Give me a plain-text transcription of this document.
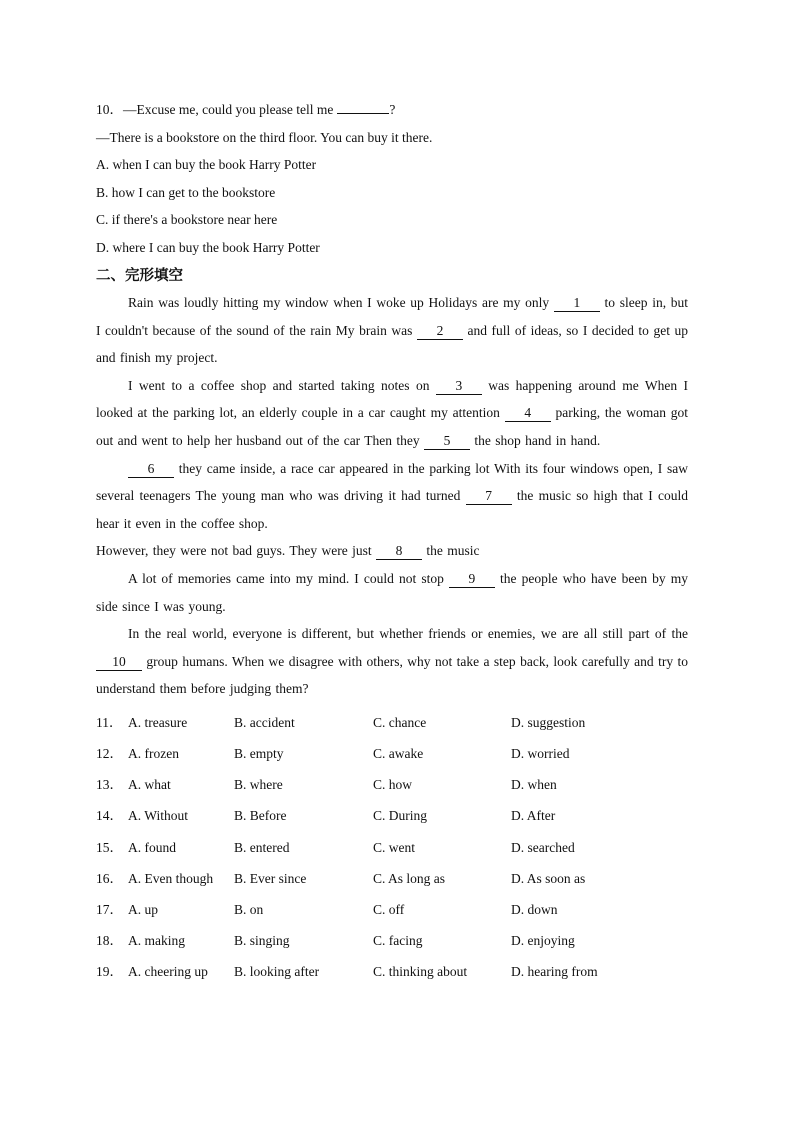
10．—Excuse me, could you please tell me	?
—There is a bookstore on the third floor. You can buy it there.
A. when I can buy the book Harry Potter
B. how I can get to the bookstore
C. if there's a bookstore near here
D. where I can buy the book Harry Potter
二、完形填空
Rain was loudly hitting my window when I woke up Holidays are my only 1 to sleep in, but I couldn't because of the sound of the rain My brain was 2 and full of ideas, so I decided to get up and finish my project.
I went to a coffee shop and started taking notes on 3 was happening around me When I looked at the parking lot, an elderly couple in a car caught my attention 4 parking, the woman got out and went to help her husband out of the car Then they 5 the shop hand in hand.
6 they came inside, a race car appeared in the parking lot With its four windows open, I saw several teenagers The young man who was driving it had turned 7 the music so high that I could hear it even in the coffee shop.
However, they were not bad guys. They were just 8 the music
A lot of memories came into my mind. I could not stop 9 the people who have been by my side since I was young.
In the real world, everyone is different, but whether friends or enemies, we are all still part of the 10 group humans. When we disagree with others, why not take a step back, look carefully and try to understand them before judging them?
11． A. treasure	B. accident	C. chance	D. suggestion
12． A. frozen	B. empty	C. awake	D. worried
13． A. what	B. where	C. how	D. when
14． A. Without	B. Before	C. During	D. After
15． A. found	B. entered	C. went	D. searched
16． A. Even though	B. Ever since	C. As long as	D. As soon as
17． A. up	B. on	C. off	D. down
18． A. making	B. singing	C. facing	D. enjoying
19． A. cheering up	B. looking after	C. thinking about	D. hearing from
